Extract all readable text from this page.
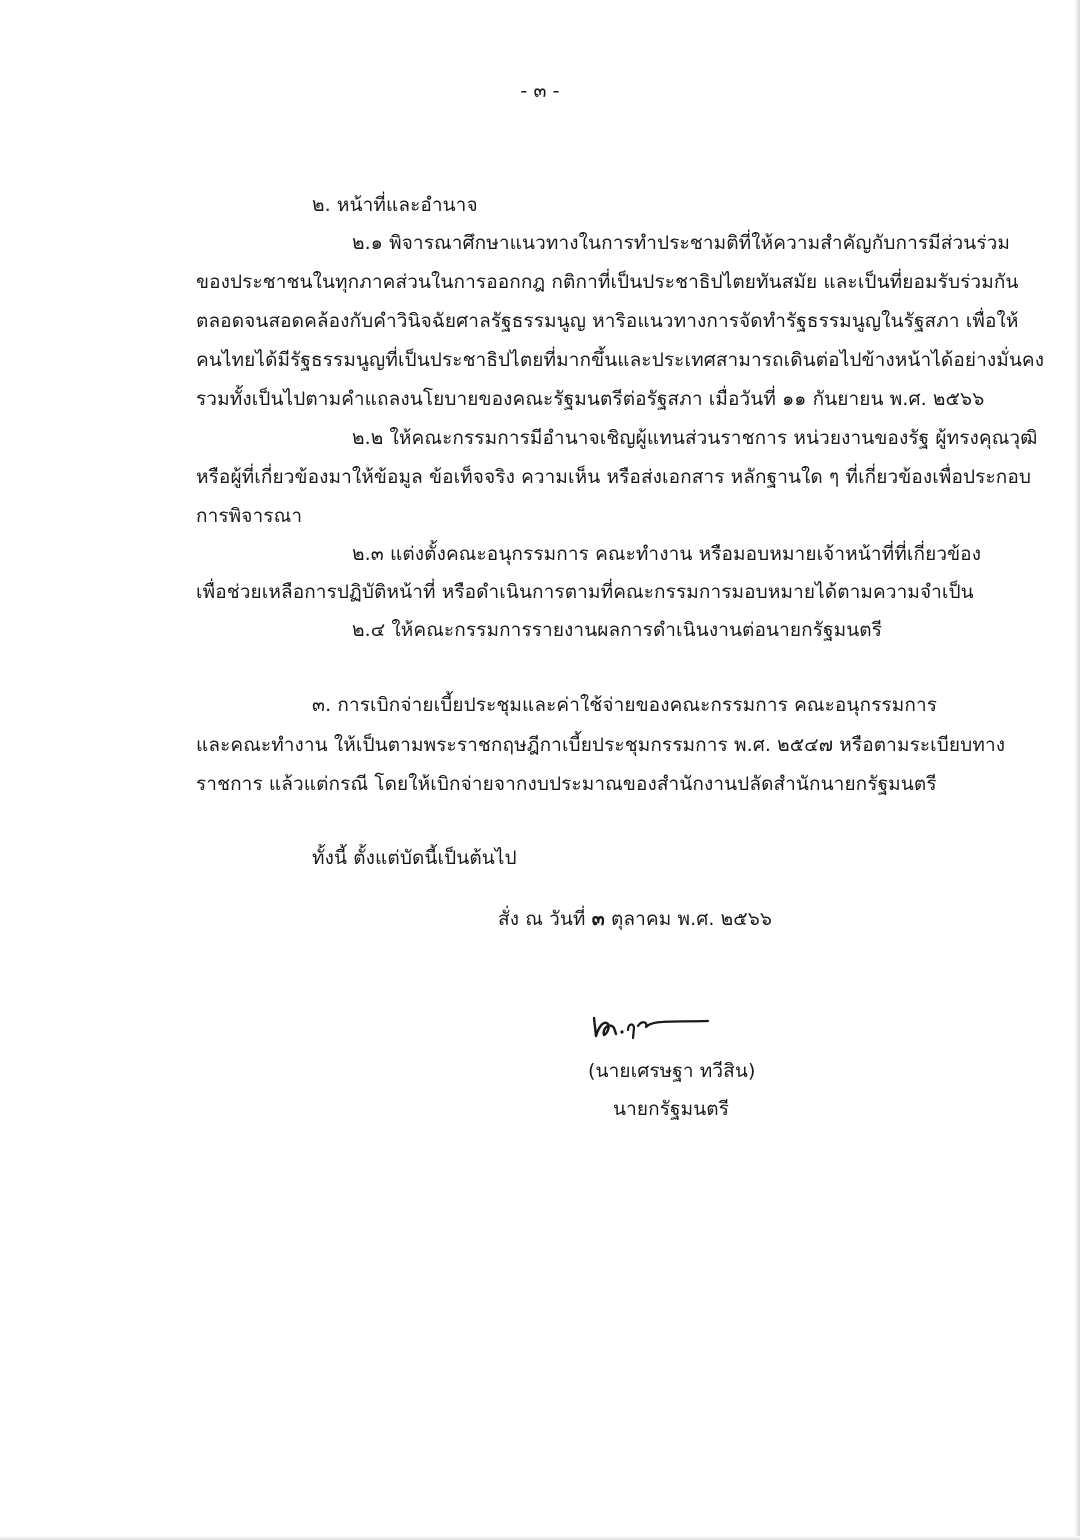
- ๓ -
๒. หน้าที่และอำนาจ
๒.๑ พิจารณาศึกษาแนวทางในการทำประชามติที่ให้ความสำคัญกับการมีส่วนร่วม
ของประชาชนในทุกภาคส่วนในการออกกฎ กติกาที่เป็นประชาธิปไตยทันสมัย และเป็นที่ยอมรับร่วมกัน
ตลอดจนสอดคล้องกับคำวินิจฉัยศาลรัฐธรรมนูญ หาริอแนวทางการจัดทำรัฐธรรมนูญในรัฐสภา เพื่อให้
คนไทยได้มีรัฐธรรมนูญที่เป็นประชาธิปไตยที่มากขึ้นและประเทศสามารถเดินต่อไปข้างหน้าได้อย่างมั่นคง
รวมทั้งเป็นไปตามคำแถลงนโยบายของคณะรัฐมนตรีต่อรัฐสภา เมื่อวันที่ ๑๑ กันยายน พ.ศ. ๒๕๖๖
๒.๒ ให้คณะกรรมการมีอำนาจเชิญผู้แทนส่วนราชการ หน่วยงานของรัฐ ผู้ทรงคุณวุฒิ
หรือผู้ที่เกี่ยวข้องมาให้ข้อมูล ข้อเท็จจริง ความเห็น หรือส่งเอกสาร หลักฐานใด ๆ ที่เกี่ยวข้องเพื่อประกอบ
การพิจารณา
๒.๓ แต่งตั้งคณะอนุกรรมการ คณะทำงาน หรือมอบหมายเจ้าหน้าที่ที่เกี่ยวข้อง
เพื่อช่วยเหลือการปฏิบัติหน้าที่ หรือดำเนินการตามที่คณะกรรมการมอบหมายได้ตามความจำเป็น
๒.๔ ให้คณะกรรมการรายงานผลการดำเนินงานต่อนายกรัฐมนตรี
๓. การเบิกจ่ายเบี้ยประชุมและค่าใช้จ่ายของคณะกรรมการ คณะอนุกรรมการ
และคณะทำงาน ให้เป็นตามพระราชกฤษฎีกาเบี้ยประชุมกรรมการ พ.ศ. ๒๕๔๗ หรือตามระเบียบทาง
ราชการ แล้วแต่กรณี โดยให้เบิกจ่ายจากงบประมาณของสำนักงานปลัดสำนักนายกรัฐมนตรี
ทั้งนี้ ตั้งแต่บัดนี้เป็นต้นไป
สั่ง ณ วันที่ ๓ ตุลาคม พ.ศ. ๒๕๖๖
(นายเศรษฐา ทวีสิน)
นายกรัฐมนตรี
